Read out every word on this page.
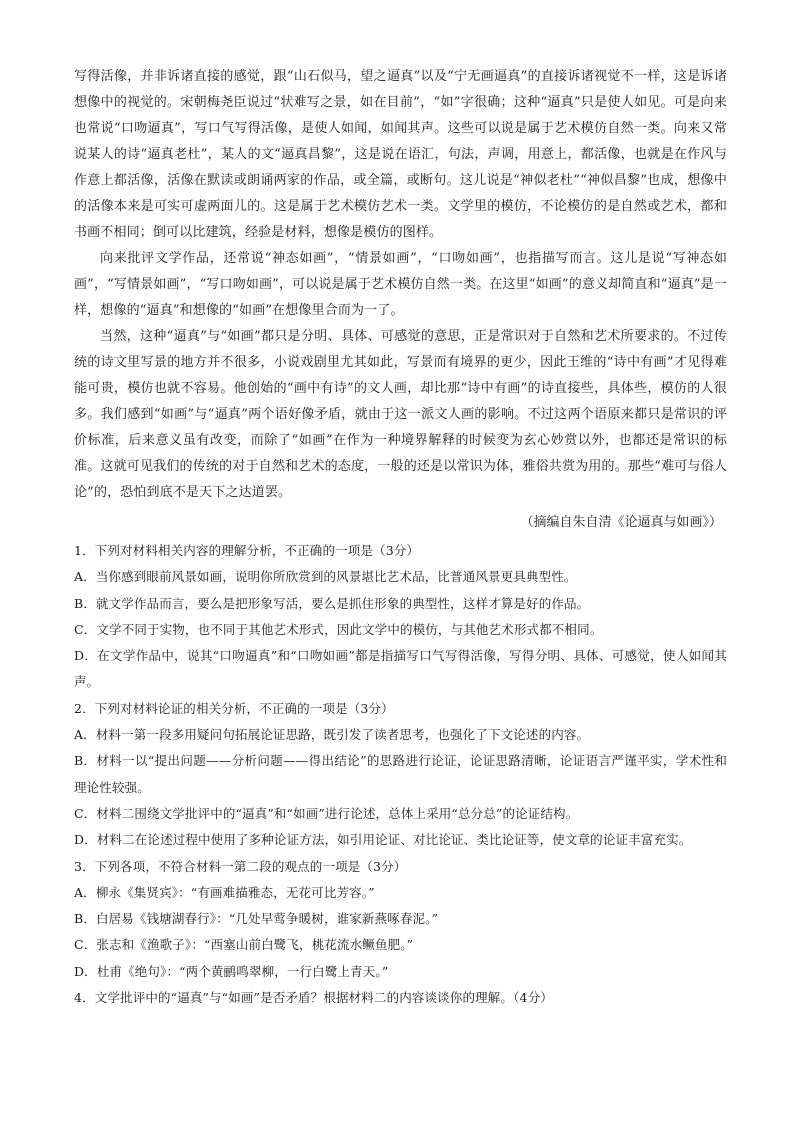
写得活像，并非诉诸直接的感觉，跟“山石似马，望之逼真”以及“宁无画逼真”的直接诉诸视觉不一样，这是诉诸想像中的视觉的。宋朝梅尧臣说过“状难写之景，如在目前”，“如”字很确；这种“逼真”只是使人如见。可是向来也常说“口吻逼真”，写口气写得活像，是使人如闻，如闻其声。这些可以说是属于艺术模仿自然一类。向来又常说某人的诗“逼真老杜”，某人的文“逼真昌黎”，这是说在语汇，句法，声调，用意上，都活像，也就是在作风与作意上都活像，活像在默读或朗诵两家的作品，或全篇，或断句。这儿说是“神似老杜”“神似昌黎”也成，想像中的活像本来是可实可虚两面儿的。这是属于艺术模仿艺术一类。文学里的模仿，不论模仿的是自然或艺术，都和书画不相同；倒可以比建筑，经验是材料，想像是模仿的图样。

向来批评文学作品，还常说“神态如画”，“情景如画”，“口吻如画”，也指描写而言。这儿是说“写神态如画”，“写情景如画”，“写口吻如画”，可以说是属于艺术模仿自然一类。在这里“如画”的意义却简直和“逼真”是一样，想像的“逼真”和想像的“如画”在想像里合而为一了。

当然，这种“逼真”与“如画”都只是分明、具体、可感觉的意思，正是常识对于自然和艺术所要求的。不过传统的诗文里写景的地方并不很多，小说戏剧里尤其如此，写景而有境界的更少，因此王维的“诗中有画”才见得难能可贵，模仿也就不容易。他创始的“画中有诗”的文人画，却比那“诗中有画”的诗直接些，具体些，模仿的人很多。我们感到“如画”与“逼真”两个语好像矛盾，就由于这一派文人画的影响。不过这两个语原来都只是常识的评价标准，后来意义虽有改变，而除了“如画”在作为一种境界解释的时候变为玄心妙赏以外，也都还是常识的标准。这就可见我们的传统的对于自然和艺术的态度，一般的还是以常识为体，雅俗共赏为用的。那些“难可与俗人论”的，恐怕到底不是天下之达道罢。

（摘编自朱自清《论逼真与如画》）

1．下列对材料相关内容的理解分析，不正确的一项是（3分）

A．当你感到眼前风景如画，说明你所欣赏到的风景堪比艺术品，比普通风景更具典型性。

B．就文学作品而言，要么是把形象写活，要么是抓住形象的典型性，这样才算是好的作品。

C．文学不同于实物，也不同于其他艺术形式，因此文学中的模仿，与其他艺术形式都不相同。

D．在文学作品中，说其“口吻逼真”和“口吻如画”都是指描写口气写得活像，写得分明、具体、可感觉，使人如闻其声。

2．下列对材料论证的相关分析，不正确的一项是（3分）

A．材料一第一段多用疑问句拓展论证思路，既引发了读者思考，也强化了下文论述的内容。

B．材料一以“提出问题——分析问题——得出结论”的思路进行论证，论证思路清晰，论证语言严谨平实，学术性和理论性较强。

C．材料二围绕文学批评中的“逼真”和“如画”进行论述，总体上采用“总分总”的论证结构。

D．材料二在论述过程中使用了多种论证方法，如引用论证、对比论证、类比论证等，使文章的论证丰富充实。

3．下列各项，不符合材料一第二段的观点的一项是（3分）

A．柳永《集贤宾》：“有画难描雅态，无花可比芳容。”

B．白居易《钱塘湖春行》：“几处早莺争暖树，谁家新燕啄春泥。”

C．张志和《渔歌子》：“西塞山前白鹭飞，桃花流水鳜鱼肥。”

D．杜甫《绝句》：“两个黄鹂鸣翠柳，一行白鹭上青天。”

4．文学批评中的“逼真”与“如画”是否矛盾？根据材料二的内容谈谈你的理解。（4分）
